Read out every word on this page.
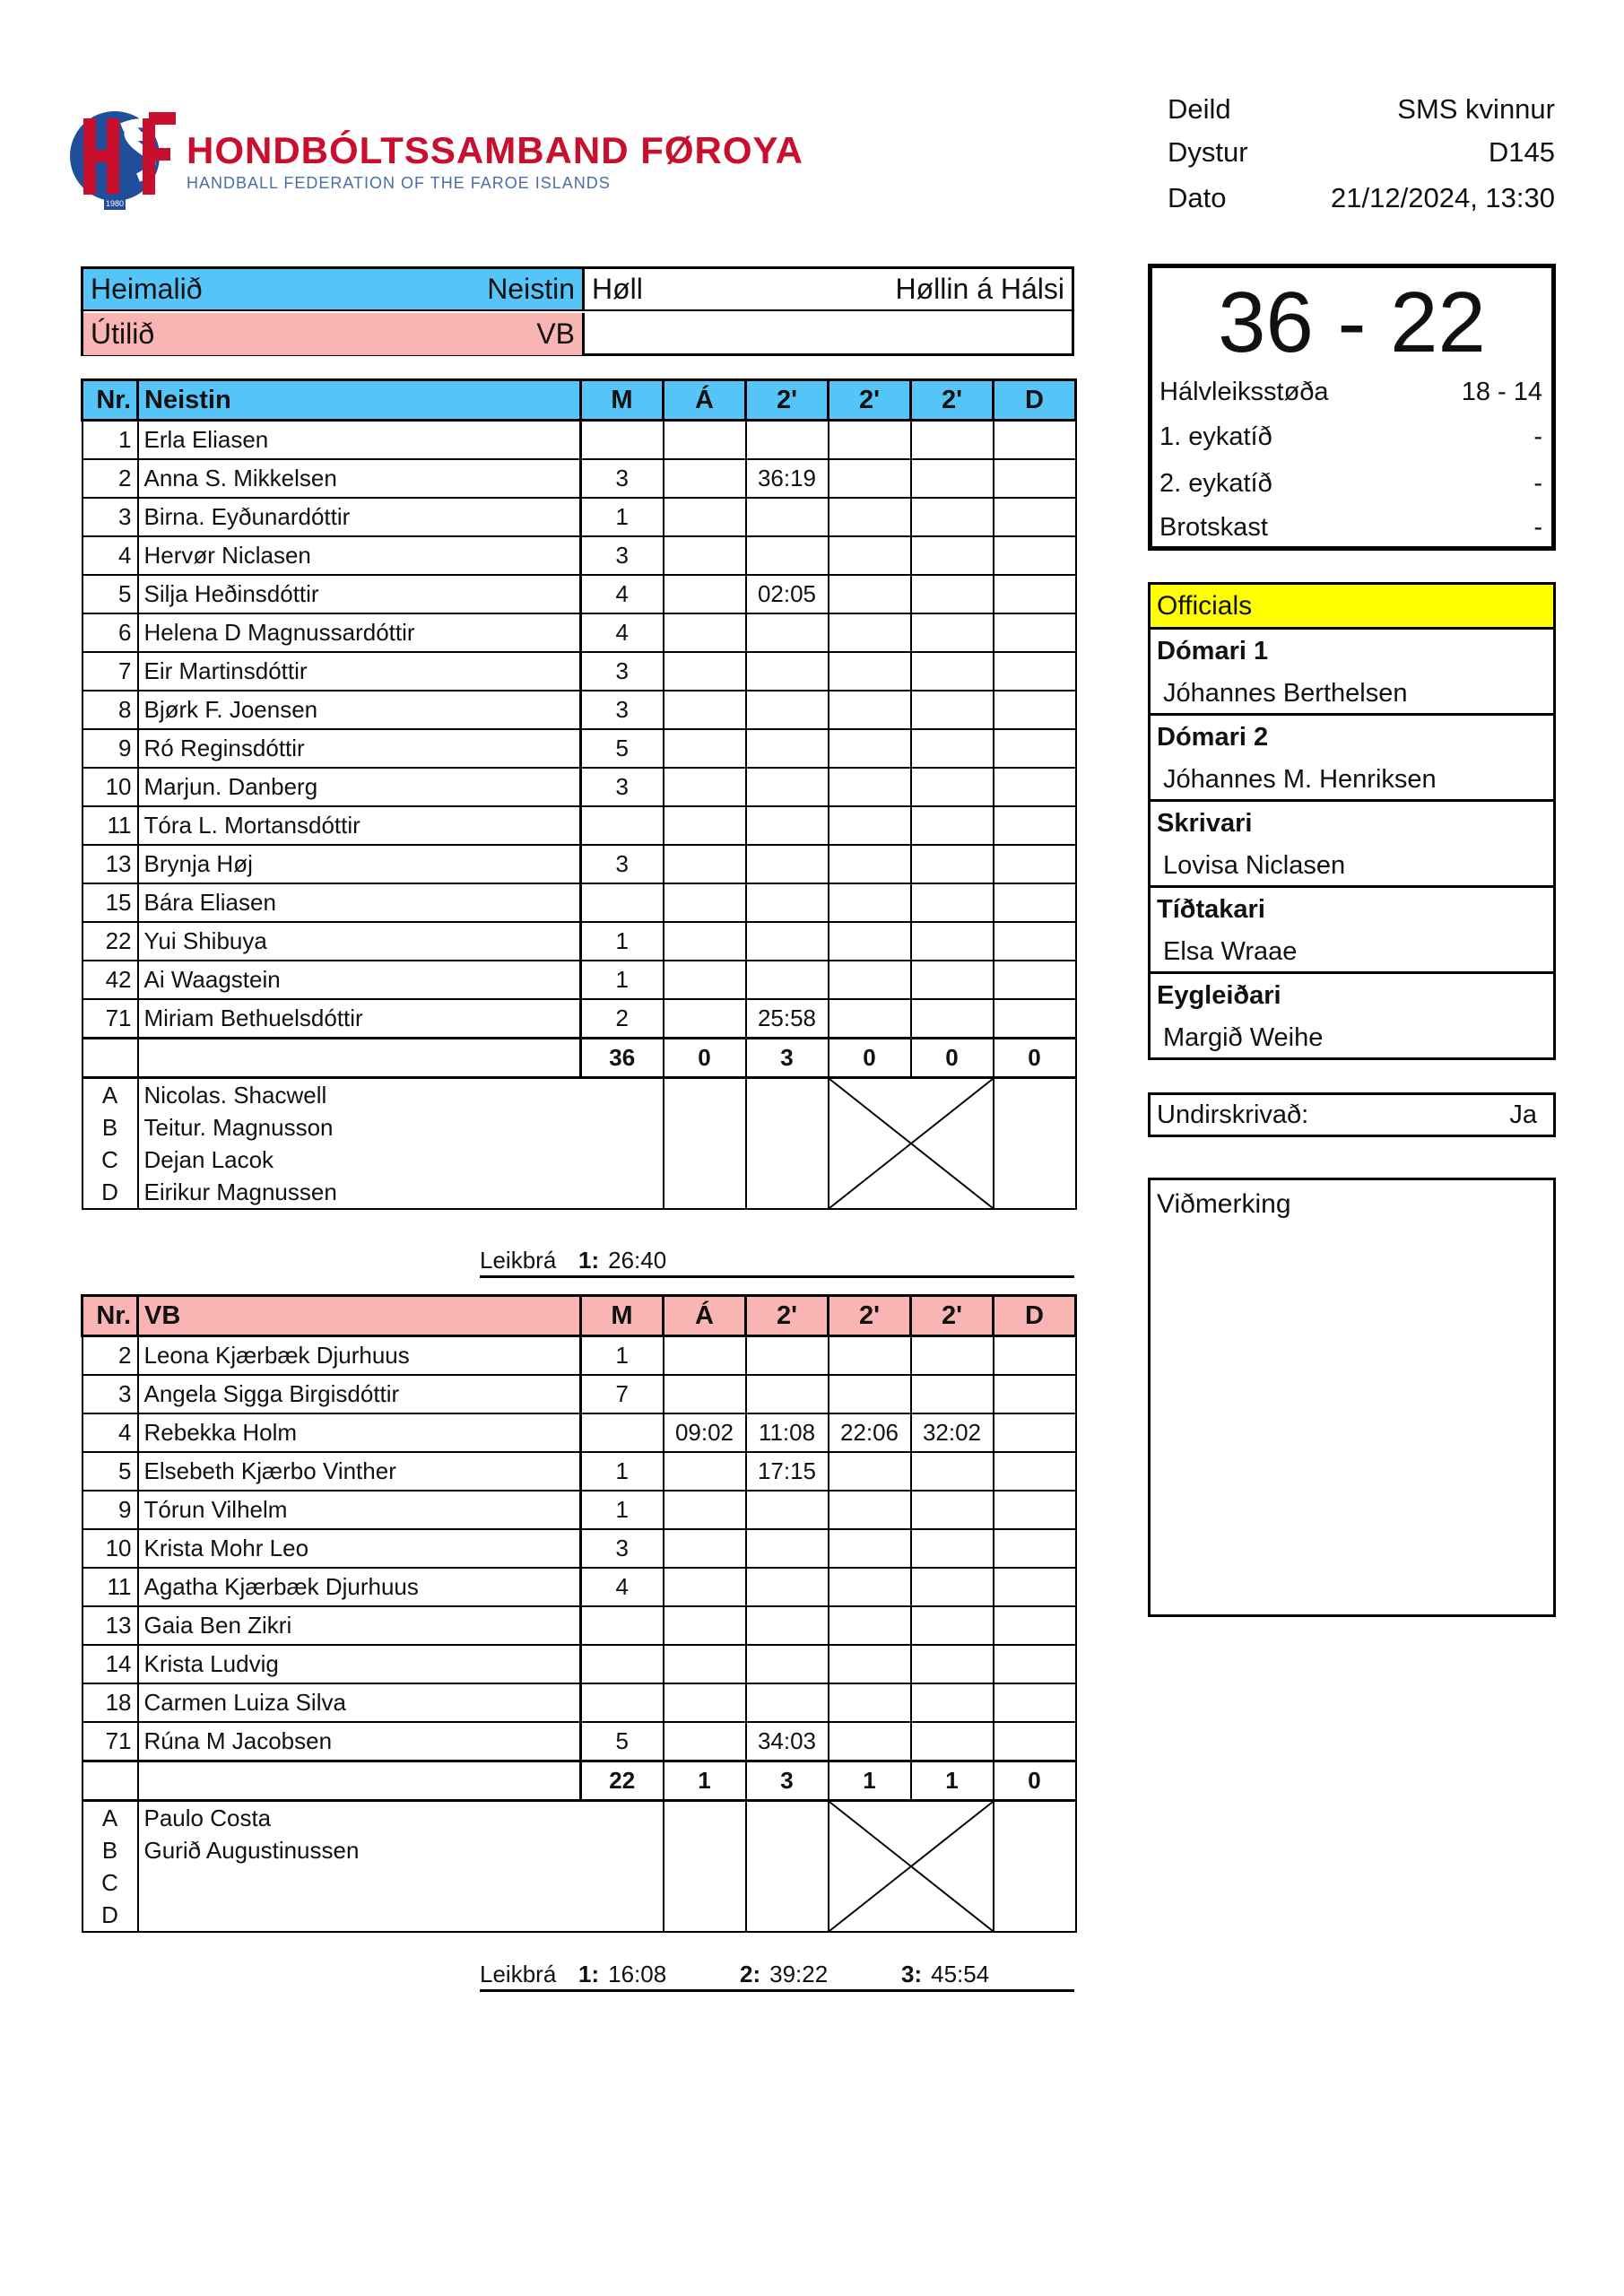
1980
HONDBÓLTSSAMBAND FØROYA
HANDBALL FEDERATION OF THE FAROE ISLANDS
Deild	SMS kvinnur
Dystur	D145
Dato	21/12/2024, 13:30
Heimalið	Neistin
Útilið	VB
Høll	Høllin á Hálsi
Nr.	Neistin	M	Á	2'	2'	2'	D
1	Erla Eliasen						
2	Anna S. Mikkelsen	3		36:19			
3	Birna. Eyðunardóttir	1					
4	Hervør Niclasen	3					
5	Silja Heðinsdóttir	4		02:05			
6	Helena D Magnussardóttir	4					
7	Eir Martinsdóttir	3					
8	Bjørk F. Joensen	3					
9	Ró Reginsdóttir	5					
10	Marjun. Danberg	3					
11	Tóra L. Mortansdóttir						
13	Brynja Høj	3					
15	Bára Eliasen						
22	Yui Shibuya	1					
42	Ai Waagstein	1					
71	Miriam Bethuelsdóttir	2		25:58			
		36	0	3	0	0	0
A	Nicolas. Shacwell				

B	Teitur. Magnusson						
C	Dejan Lacok						
D	Eirikur Magnussen						
Leikbrá 1: 26:40
Nr.	VB	M	Á	2'	2'	2'	D
2	Leona Kjærbæk Djurhuus	1					
3	Angela Sigga Birgisdóttir	7					
4	Rebekka Holm		09:02	11:08	22:06	32:02	
5	Elsebeth Kjærbo Vinther	1		17:15			
9	Tórun Vilhelm	1					
10	Krista Mohr Leo	3					
11	Agatha Kjærbæk Djurhuus	4					
13	Gaia Ben Zikri						
14	Krista Ludvig						
18	Carmen Luiza Silva						
71	Rúna M Jacobsen	5		34:03			
		22	1	3	1	1	0
A	Paulo Costa				

B	Gurið Augustinussen						
C							
D							
Leikbrá 1: 16:08	2: 39:22	3: 45:54
36 - 22
Hálvleiksstøða	18 - 14
1. eykatíð	-
2. eykatíð	-
Brotskast	-
Officials
Dómari 1
Jóhannes Berthelsen
Dómari 2
Jóhannes M. Henriksen
Skrivari
Lovisa Niclasen
Tíðtakari
Elsa Wraae
Eygleiðari
Margið Weihe
Undirskrivað:	Ja
Viðmerking
